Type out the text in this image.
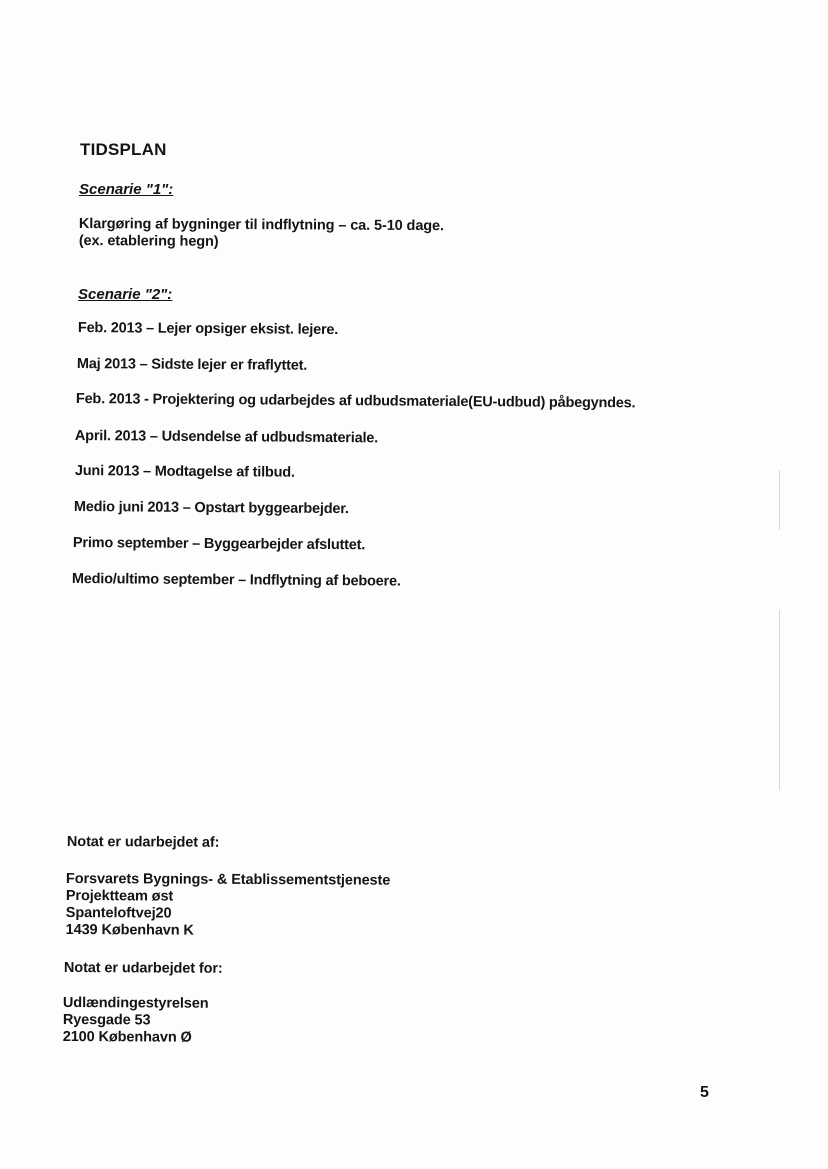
TIDSPLAN
Scenarie "1":
Klargøring af bygninger til indflytning – ca. 5-10 dage.
(ex. etablering hegn)
Scenarie "2":
Feb. 2013 – Lejer opsiger eksist. lejere.
Maj 2013 – Sidste lejer er fraflyttet.
Feb. 2013 - Projektering og udarbejdes af udbudsmateriale(EU-udbud) påbegyndes.
April. 2013 – Udsendelse af udbudsmateriale.
Juni 2013 – Modtagelse af tilbud.
Medio juni 2013 – Opstart byggearbejder.
Primo september – Byggearbejder afsluttet.
Medio/ultimo september – Indflytning af beboere.
Notat er udarbejdet af:
Forsvarets Bygnings- & Etablissementstjeneste
Projektteam øst
Spanteloftvej20
1439 København K
Notat er udarbejdet for:
Udlændingestyrelsen
Ryesgade 53
2100 København Ø
5
